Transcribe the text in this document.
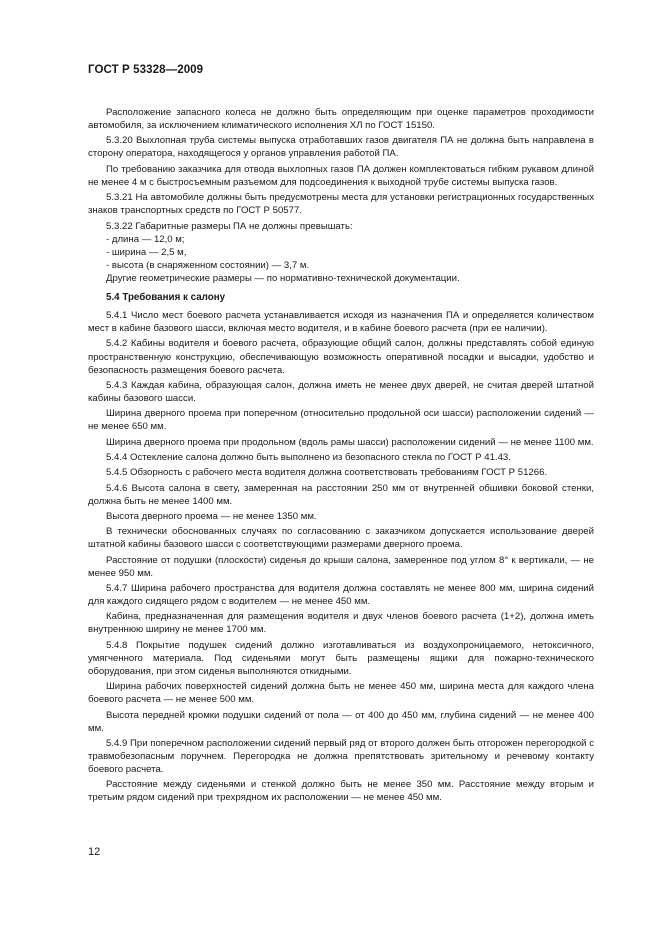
ГОСТ Р 53328—2009

Расположение запасного колеса не должно быть определяющим при оценке параметров проходимости автомобиля, за исключением климатического исполнения ХЛ по ГОСТ 15150.

5.3.20 Выхлопная труба системы выпуска отработавших газов двигателя ПА не должна быть направлена в сторону оператора, находящегося у органов управления работой ПА.

По требованию заказчика для отвода выхлопных газов ПА должен комплектоваться гибким рукавом длиной не менее 4 м с быстросъемным разъемом для подсоединения к выходной трубе системы выпуска газов.

5.3.21 На автомобиле должны быть предусмотрены места для установки регистрационных государственных знаков транспортных средств по ГОСТ Р 50577.

5.3.22 Габаритные размеры ПА не должны превышать:

- длина — 12,0 м;

- ширина — 2,5 м,

- высота (в снаряженном состоянии) — 3,7 м.

Другие геометрические размеры — по нормативно-технической документации.

5.4 Требования к салону

5.4.1 Число мест боевого расчета устанавливается исходя из назначения ПА и определяется количеством мест в кабине базового шасси, включая место водителя, и в кабине боевого расчета (при ее наличии).

5.4.2 Кабины водителя и боевого расчета, образующие общий салон, должны представлять собой единую пространственную конструкцию, обеспечивающую возможность оперативной посадки и высадки, удобство и безопасность размещения боевого расчета.

5.4.3 Каждая кабина, образующая салон, должна иметь не менее двух дверей, не считая дверей штатной кабины базового шасси.

Ширина дверного проема при поперечном (относительно продольной оси шасси) расположении сидений — не менее 650 мм.

Ширина дверного проема при продольном (вдоль рамы шасси) расположении сидений — не менее 1100 мм.

5.4.4 Остекление салона должно быть выполнено из безопасного стекла по ГОСТ Р 41.43.

5.4.5 Обзорность с рабочего места водителя должна соответствовать требованиям ГОСТ Р 51266.

5.4.6 Высота салона в свету, замеренная на расстоянии 250 мм от внутренней обшивки боковой стенки, должна быть не менее 1400 мм.

Высота дверного проема — не менее 1350 мм.

В технически обоснованных случаях по согласованию с заказчиком допускается использование дверей штатной кабины базового шасси с соответствующими размерами дверного проема.

Расстояние от подушки (плоскости) сиденья до крыши салона, замеренное под углом 8° к вертикали, — не менее 950 мм.

5.4.7 Ширина рабочего пространства для водителя должна составлять не менее 800 мм, ширина сидений для каждого сидящего рядом с водителем — не менее 450 мм.

Кабина, предназначенная для размещения водителя и двух членов боевого расчета (1+2), должна иметь внутреннюю ширину не менее 1700 мм.

5.4.8 Покрытие подушек сидений должно изготавливаться из воздухопроницаемого, нетоксичного, умягченного материала. Под сиденьями могут быть размещены ящики для пожарно-технического оборудования, при этом сиденья выполняются откидными.

Ширина рабочих поверхностей сидений должна быть не менее 450 мм, ширина места для каждого члена боевого расчета — не менее 500 мм.

Высота передней кромки подушки сидений от пола — от 400 до 450 мм, глубина сидений — не менее 400 мм.

5.4.9 При поперечном расположении сидений первый ряд от второго должен быть отгорожен перегородкой с травмобезопасным поручнем. Перегородка не должна препятствовать зрительному и речевому контакту боевого расчета.

Расстояние между сиденьями и стенкой должно быть не менее 350 мм. Расстояние между вторым и третьим рядом сидений при трехрядном их расположении — не менее 450 мм.

12
